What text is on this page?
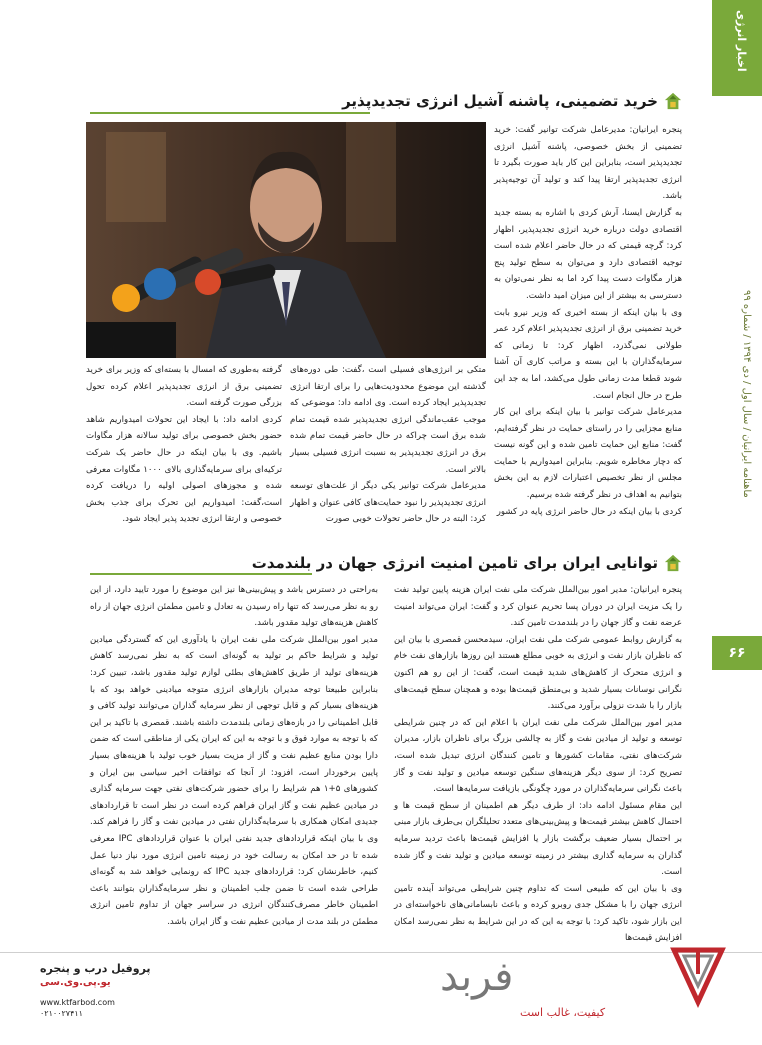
اخبار انرژی
ماهنامه ایرانیان / سال اول / دی ۱۳۹۴ / شماره ۹۹
۶۶
خرید تضمینی، پاشنه آشیل انرژی تجدیدپذیر

پنجره ایرانیان: مدیرعامل شرکت توانیر گفت: خرید تضمینی از بخش خصوصی، پاشنه آشیل انرژی تجدیدپذیر است، بنابراین این کار باید صورت بگیرد تا انرژی تجدیدپذیر ارتقا پیدا کند و تولید آن توجیه‌پذیر باشد.

به گزارش ایسنا، آرش کردی با اشاره به بسته جدید اقتصادی دولت درباره خرید انرژی تجدیدپذیر، اظهار کرد: گرچه قیمتی که در حال حاضر اعلام شده است توجیه اقتصادی دارد و می‌توان به سطح تولید پنج هزار مگاوات دست پیدا کرد اما به نظر نمی‌توان به دسترسی به بیشتر از این میزان امید داشت.

وی با بیان اینکه از بسته اخیری که وزیر نیرو بابت خرید تضمینی برق از انرژی تجدیدپذیر اعلام کرد عمر طولانی نمی‌گذرد، اظهار کرد: تا زمانی که سرمایه‌گذاران با این بسته و مراتب کاری آن آشنا شوند قطعا مدت زمانی طول می‌کشد، اما به جد این طرح در حال انجام است.

مدیرعامل شرکت توانیر با بیان اینکه برای این کار منابع مجزایی را در راستای حمایت در نظر گرفته‌ایم، گفت: منابع این حمایت تامین شده و این گونه نیست که دچار مخاطره شویم. بنابراین امیدواریم با حمایت مجلس از نظر تخصیص اعتبارات لازم به این بخش بتوانیم به اهداف در نظر گرفته شده برسیم.

کردی با بیان اینکه در حال حاضر انرژی پایه در کشور

متکی بر انرژی‌های فسیلی است ،گفت: طی دوره‌های گذشته این موضوع محدودیت‌هایی را برای ارتقا انرژی تجدیدپذیر ایجاد کرده است. وی ادامه داد: موضوعی که موجب عقب‌ماندگی انرژی تجدیدپذیر شده قیمت تمام شده برق است چراکه در حال حاضر قیمت تمام شده برق در انرژی تجدیدپذیر به نسبت انرژی فسیلی بسیار بالاتر است.

مدیرعامل شرکت توانیر یکی دیگر از علت‌های توسعه انرژی تجدیدپذیر را نبود حمایت‌های کافی عنوان و اظهار کرد: البته در حال حاضر تحولات خوبی صورت

گرفته به‌طوری که امسال با بسته‌ای که وزیر برای خرید تضمینی برق از انرژی تجدیدپذیر اعلام کرده تحول بزرگی صورت گرفته است.

کردی ادامه داد: با ایجاد این تحولات امیدواریم شاهد حضور بخش خصوصی برای تولید سالانه هزار مگاوات باشیم. وی با بیان اینکه در حال حاضر یک شرکت ترکیه‌ای برای سرمایه‌گذاری بالای ۱۰۰۰ مگاوات معرفی شده و مجوزهای اصولی اولیه را دریافت کرده است،گفت: امیدواریم این تحرک برای جذب بخش خصوصی و ارتقا انرژی تجدید پذیر ایجاد شود.

توانایی ایران برای تامین امنیت انرژی جهان در بلندمدت

پنجره ایرانیان: مدیر امور بین‌الملل شرکت ملی نفت ایران هزینه پایین تولید نفت را یک مزیت ایران در دوران پسا تحریم عنوان کرد و گفت: ایران می‌تواند امنیت عرضه نفت و گاز جهان را در بلندمدت تامین کند.

به گزارش روابط عمومی شرکت ملی نفت ایران، سیدمحسن قمصری با بیان این که ناظران بازار نفت و انرژی به خوبی مطلع هستند این روزها بازارهای نفت خام و انرژی متحرک از کاهش‌های شدید قیمت است، گفت: از این رو هم اکنون نگرانی نوسانات بسیار شدید و بی‌منطق قیمت‌ها بوده و همچنان سطح قیمت‌های بازار را با شدت نزولی برآورد می‌کنند.

مدیر امور بین‌الملل شرکت ملی نفت ایران با اعلام این که در چنین شرایطی توسعه و تولید از میادین نفت و گاز به چالشی بزرگ برای ناظران بازار، مدیران شرکت‌های نفتی، مقامات کشورها و تامین کنندگان انرژی تبدیل شده است، تصریح کرد: از سوی دیگر هزینه‌های سنگین توسعه میادین و تولید نفت و گاز باعث نگرانی سرمایه‌گذاران در مورد چگونگی بازیافت سرمایه‌ها است.

این مقام مسئول ادامه داد: از طرف دیگر هم اطمینان از سطح قیمت ها و احتمال کاهش بیشتر قیمت‌ها و پیش‌بینی‌های متعدد تحلیلگران بی‌طرف بازار مبنی بر احتمال بسیار ضعیف برگشت بازار یا افزایش قیمت‌ها باعث تردید سرمایه گذاران به سرمایه گذاری بیشتر در زمینه توسعه میادین و تولید نفت و گاز شده است.

وی با بیان این که طبیعی است که تداوم چنین شرایطی می‌تواند آینده تامین انرژی جهان را با مشکل جدی روبرو کرده و باعث نابسامانی‌های ناخواسته‌ای در این بازار شود، تاکید کرد: با توجه به این که در این شرایط به نظر نمی‌رسد امکان افزایش قیمت‌ها

به‌راحتی در دسترس باشد و پیش‌بینی‌ها نیز این موضوع را مورد تایید دارد، از این رو به نظر می‌رسد که تنها راه رسیدن به تعادل و تامین مطمئن انرژی جهان از راه کاهش هزینه‌های تولید مقدور باشد.

مدیر امور بین‌الملل شرکت ملی نفت ایران با یادآوری این که گستردگی میادین تولید و شرایط حاکم بر تولید به گونه‌ای است که به نظر نمی‌رسد کاهش هزینه‌های تولید از طریق کاهش‌های بطئی لوازم تولید مقدور باشد، تبیین کرد: بنابراین طبیعتا توجه مدیران بازارهای انرژی متوجه میادینی خواهد بود که با هزینه‌های بسیار کم و قابل توجهی از نظر سرمایه گذاران می‌توانند تولید کافی و قابل اطمینانی را در بازه‌های زمانی بلندمدت داشته باشند. قمصری با تاکید بر این که با توجه به موارد فوق و با توجه به این که ایران یکی از مناطقی است که ضمن دارا بودن منابع عظیم نفت و گاز از مزیت بسیار خوب تولید با هزینه‌های بسیار پایین برخوردار است، افزود: از آنجا که توافقات اخیر سیاسی بین ایران و کشورهای ۵+۱ هم شرایط را برای حضور شرکت‌های نفتی جهت سرمایه گذاری در میادین عظیم نفت و گاز ایران فراهم کرده است در نظر است تا قراردادهای جدیدی امکان همکاری با سرمایه‌گذاران نفتی در میادین نفت و گاز را فراهم کند. وی با بیان اینکه قراردادهای جدید نفتی ایران با عنوان قراردادهای IPC معرفی شده تا در حد امکان به رسالت خود در زمینه تامین انرژی مورد نیاز دنیا عمل کنیم، خاطرنشان کرد: قراردادهای جدید IPC که رونمایی خواهد شد به گونه‌ای طراحی شده است تا ضمن جلب اطمینان و نظر سرمایه‌گذاران بتوانند باعث اطمینان خاطر مصرف‌کنندگان انرژی در سراسر جهان از تداوم تامین انرژی مطمئن در بلند مدت از میادین عظیم نفت و گاز ایران باشد.

پروفیل درب و پنجره
یو.پی.وی.سی
www.ktfarbod.com
۰۲۱۰۰۲۷۴۱۱
فربد
کیفیت، غالب است
